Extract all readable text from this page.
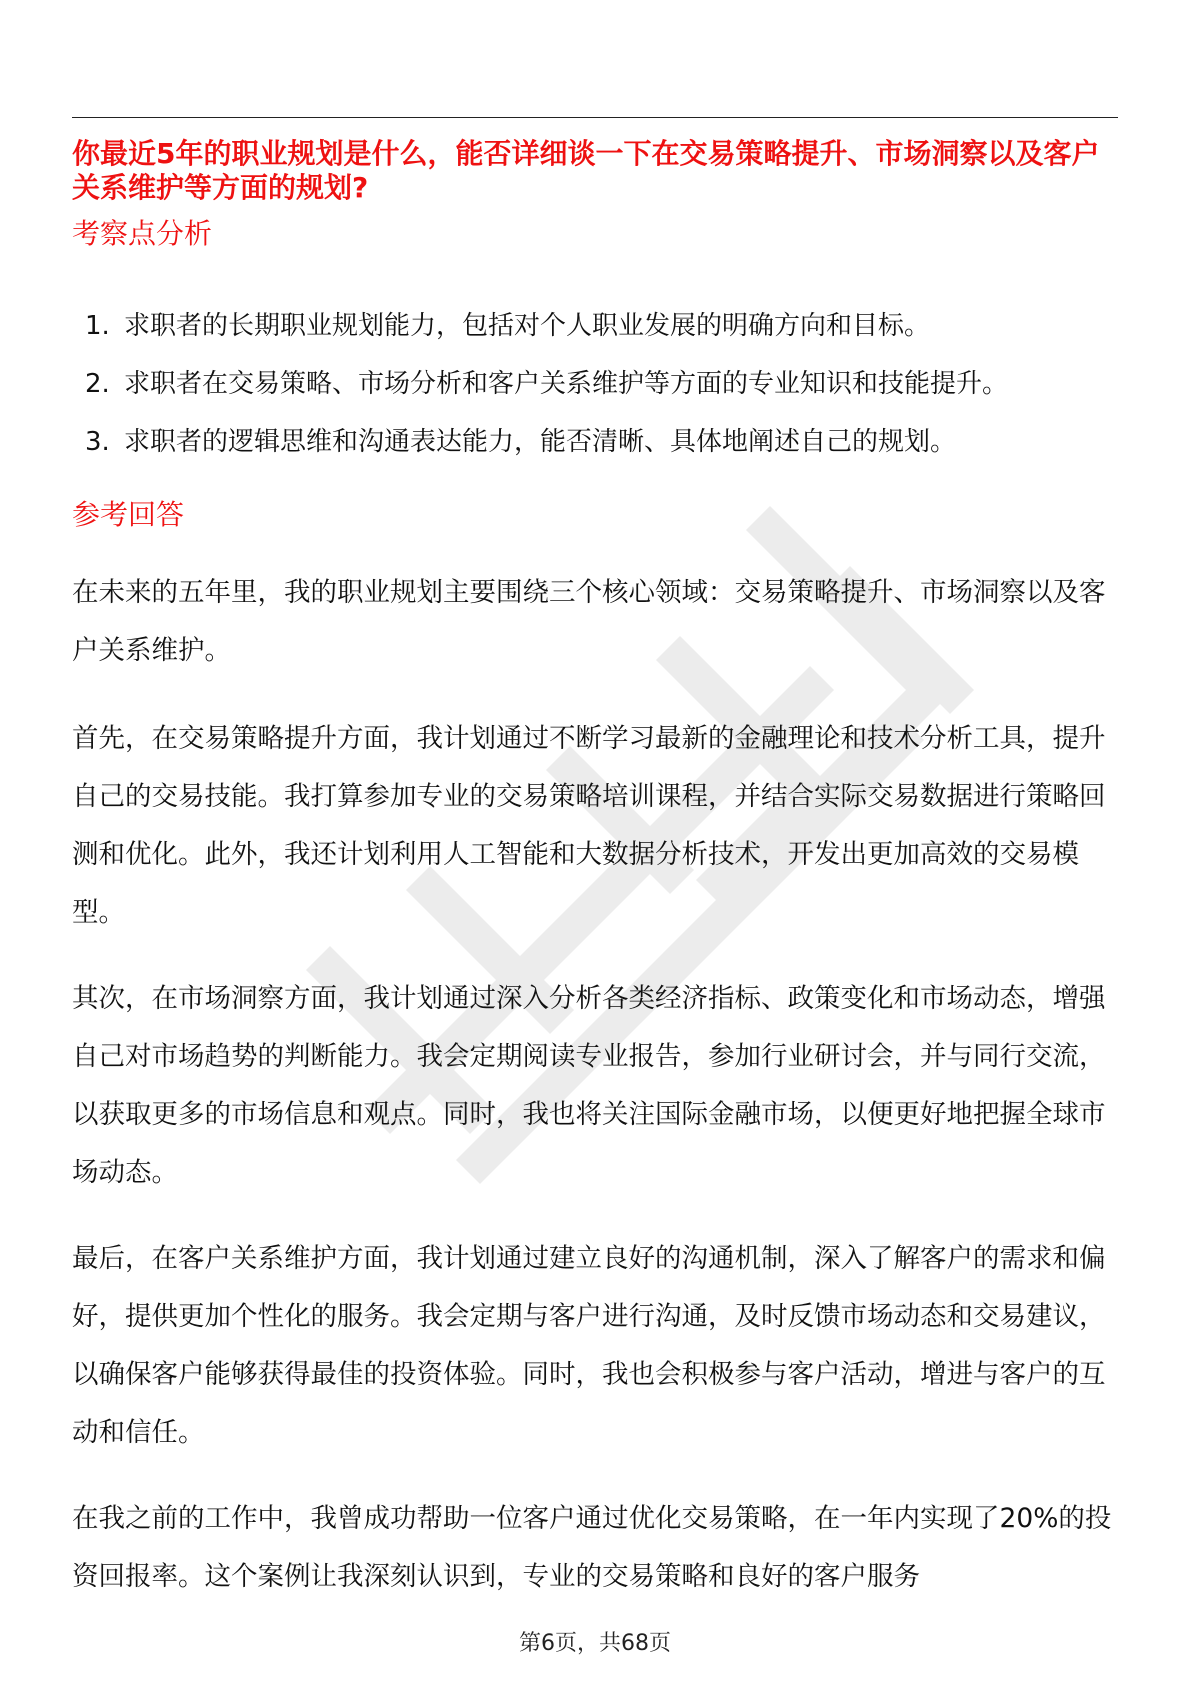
你最近5年的职业规划是什么，能否详细谈一下在交易策略提升、市场洞察以及客户关系维护等方面的规划?
考察点分析
1. 求职者的长期职业规划能力，包括对个人职业发展的明确方向和目标。
2. 求职者在交易策略、市场分析和客户关系维护等方面的专业知识和技能提升。
3. 求职者的逻辑思维和沟通表达能力，能否清晰、具体地阐述自己的规划。
参考回答

在未来的五年里，我的职业规划主要围绕三个核心领域：交易策略提升、市场洞察以及客户关系维护。

首先，在交易策略提升方面，我计划通过不断学习最新的金融理论和技术分析工具，提升自己的交易技能。我打算参加专业的交易策略培训课程，并结合实际交易数据进行策略回测和优化。此外，我还计划利用人工智能和大数据分析技术，开发出更加高效的交易模型。

其次，在市场洞察方面，我计划通过深入分析各类经济指标、政策变化和市场动态，增强自己对市场趋势的判断能力。我会定期阅读专业报告，参加行业研讨会，并与同行交流，以获取更多的市场信息和观点。同时，我也将关注国际金融市场，以便更好地把握全球市场动态。

最后，在客户关系维护方面，我计划通过建立良好的沟通机制，深入了解客户的需求和偏好，提供更加个性化的服务。我会定期与客户进行沟通，及时反馈市场动态和交易建议，以确保客户能够获得最佳的投资体验。同时，我也会积极参与客户活动，增进与客户的互动和信任。

在我之前的工作中，我曾成功帮助一位客户通过优化交易策略，在一年内实现了20%的投资回报率。这个案例让我深刻认识到，专业的交易策略和良好的客户服务

第6页，共68页
